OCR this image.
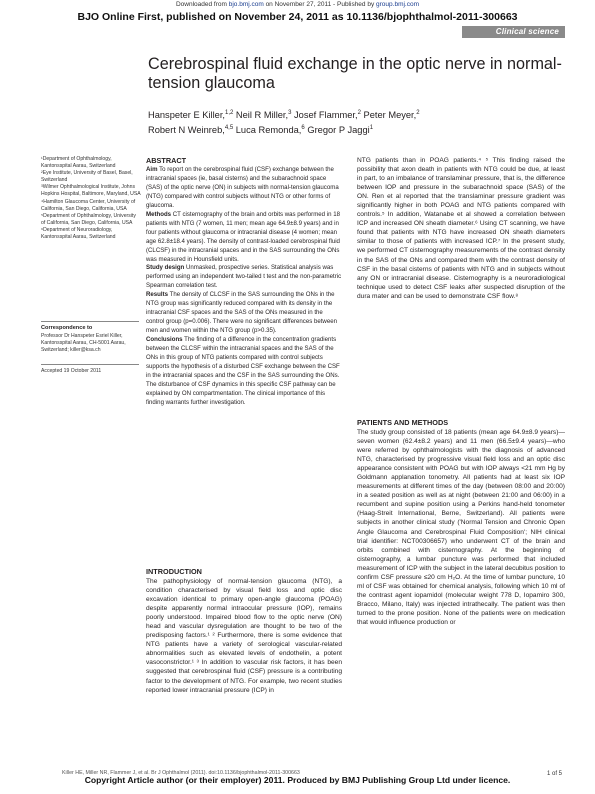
Downloaded from bjo.bmj.com on November 27, 2011 - Published by group.bmj.com
BJO Online First, published on November 24, 2011 as 10.1136/bjophthalmol-2011-300663
Clinical science
Cerebrospinal fluid exchange in the optic nerve in normal-tension glaucoma
Hanspeter E Killer,$^{1,2}$ Neil R Miller,$^3$ Josef Flammer,$^2$ Peter Meyer,$^2$
Robert N Weinreb,$^{4,5}$ Luca Remonda,$^6$ Gregor P Jaggi$^1$
¹Department of Ophthalmology, Kantonsspital Aarau, Switzerland
²Eye Institute, University of Basel, Basel, Switzerland
³Wilmer Ophthalmological Institute, Johns Hopkins Hospital, Baltimore, Maryland, USA
⁴Hamilton Glaucoma Center, University of California, San Diego, California, USA
⁵Department of Ophthalmology, University of California, San Diego, California, USA
⁶Department of Neuroradiology, Kantonsspital Aarau, Switzerland
Correspondence to
Professor Dr Hanspeter Esriel Killer, Kantonsspital Aarau, CH-5001 Aarau, Switzerland; killer@ksa.ch
Accepted 19 October 2011
ABSTRACT
Aim To report on the cerebrospinal fluid (CSF) exchange between the intracranial spaces (ie, basal cisterns) and the subarachnoid space (SAS) of the optic nerve (ON) in subjects with normal-tension glaucoma (NTG) compared with control subjects without NTG or other forms of glaucoma.
Methods CT cisternography of the brain and orbits was performed in 18 patients with NTG (7 women, 11 men; mean age 64.9±8.9 years) and in four patients without glaucoma or intracranial disease (4 women; mean age 62.8±18.4 years). The density of contrast-loaded cerebrospinal fluid (CLCSF) in the intracranial spaces and in the SAS surrounding the ONs was measured in Hounsfield units.
Study design Unmasked, prospective series. Statistical analysis was performed using an independent two-tailed t test and the non-parametric Spearman correlation test.
Results The density of CLCSF in the SAS surrounding the ONs in the NTG group was significantly reduced compared with its density in the intracranial CSF spaces and the SAS of the ONs measured in the control group (p=0.006). There were no significant differences between men and women within the NTG group (p>0.35).
Conclusions The finding of a difference in the concentration gradients between the CLCSF within the intracranial spaces and the SAS of the ONs in this group of NTG patients compared with control subjects supports the hypothesis of a disturbed CSF exchange between the CSF in the intracranial spaces and the CSF in the SAS surrounding the ONs. The disturbance of CSF dynamics in this specific CSF pathway can be explained by ON compartmentation. The clinical importance of this finding warrants further investigation.
INTRODUCTION
The pathophysiology of normal-tension glaucoma (NTG), a condition characterised by visual field loss and optic disc excavation identical to primary open-angle glaucoma (POAG) despite apparently normal intraocular pressure (IOP), remains poorly understood. Impaired blood flow to the optic nerve (ON) head and vascular dysregulation are thought to be two of the predisposing factors.¹ ² Furthermore, there is some evidence that NTG patients have a variety of serological vascular-related abnormalities such as elevated levels of endothelin, a potent vasoconstrictor.¹ ³ In addition to vascular risk factors, it has been suggested that cerebrospinal fluid (CSF) pressure is a contributing factor to the development of NTG. For example, two recent studies reported lower intracranial pressure (ICP) in
NTG patients than in POAG patients.⁴ ⁵ This finding raised the possibility that axon death in patients with NTG could be due, at least in part, to an imbalance of translaminar pressure, that is, the difference between IOP and pressure in the subarachnoid space (SAS) of the ON. Ren et al reported that the translaminar pressure gradient was significantly higher in both POAG and NTG patients compared with controls.⁵ In addition, Watanabe et al showed a correlation between ICP and increased ON sheath diameter.⁶ Using CT scanning, we have found that patients with NTG have increased ON sheath diameters similar to those of patients with increased ICP.⁷ In the present study, we performed CT cisternography measurements of the contrast density in the SAS of the ONs and compared them with the contrast density of CSF in the basal cisterns of patients with NTG and in subjects without any ON or intracranial disease. Cisternography is a neuroradiological technique used to detect CSF leaks after suspected disruption of the dura mater and can be used to demonstrate CSF flow.⁸
PATIENTS AND METHODS
The study group consisted of 18 patients (mean age 64.9±8.9 years)—seven women (62.4±8.2 years) and 11 men (66.5±9.4 years)—who were referred by ophthalmologists with the diagnosis of advanced NTG, characterised by progressive visual field loss and an optic disc appearance consistent with POAG but with IOP always <21 mm Hg by Goldmann applanation tonometry. All patients had at least six IOP measurements at different times of the day (between 08:00 and 20:00) in a seated position as well as at night (between 21:00 and 06:00) in a recumbent and supine position using a Perkins hand-held tonometer (Haag-Streit International, Berne, Switzerland). All patients were subjects in another clinical study ('Normal Tension and Chronic Open Angle Glaucoma and Cerebrospinal Fluid Composition'; NIH clinical trial identifier: NCT00306657) who underwent CT of the brain and orbits combined with cisternography. At the beginning of cisternography, a lumbar puncture was performed that included measurement of ICP with the subject in the lateral decubitus position to confirm CSF pressure ≤20 cm H₂O. At the time of lumbar puncture, 10 ml of CSF was obtained for chemical analysis, following which 10 ml of the contrast agent iopamidol (molecular weight 778 D, Iopamiro 300, Bracco, Milano, Italy) was injected intrathecally. The patient was then turned to the prone position. None of the patients were on medication that would influence production or
Killer HE, Miller NR, Flammer J, et al. Br J Ophthalmol (2011). doi:10.1136/bjophthalmol-2011-300663	1 of 5
Copyright Article author (or their employer) 2011. Produced by BMJ Publishing Group Ltd under licence.
